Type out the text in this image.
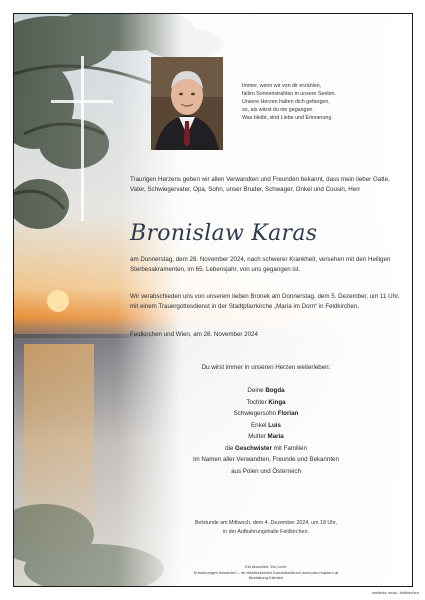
Immer, wenn wir von dir erzählen,
fallen Sonnenstrahlen in unsere Seelen.
Unsere Herzen halten dich gefangen,
so, als wärst du nie gegangen.
Was bleibt, sind Liebe und Erinnerung.
Traurigen Herzens geben wir allen Verwandten und Freunden bekannt, dass mein lieber Gatte, Vater, Schwiegervater, Opa, Sohn, unser Bruder, Schwager, Onkel und Cousin, Herr
Bronislaw Karas
am Donnerstag, dem 28. November 2024, nach schwerer Krankheit, versehen mit den Heiligen Sterbesakramenten, im 65. Lebensjahr, von uns gegangen ist.
Wir verabschieden uns von unserem lieben Bronek am Donnerstag, dem 5. Dezember, um 11 Uhr, mit einem Trauergottesdienst in der Stadtpfarrkirche „Maria im Dorn“ in Feldkirchen.
Feldkirchen und Wien, am 28. November 2024
Du wirst immer in unseren Herzen weiterleben:
Deine Bogda
Tochter Kinga
Schwiegersohn Florian
Enkel Luis
Mutter Maria
die Geschwister mit Familien
im Namen aller Verwandten, Freunde und Bekannten
aus Polen und Österreich
Betstunde am Mittwoch, dem 4. Dezember 2024, um 18 Uhr,
in der Aufbahrungshalle Feldkirchen.
Ein Abschied. Ein Licht.
Erinnerungen bewahren – im elektronischen Kondolenzbuch www.pax-requiem.at
Bestattung Kärnten
multimia druck, feldkirchen
